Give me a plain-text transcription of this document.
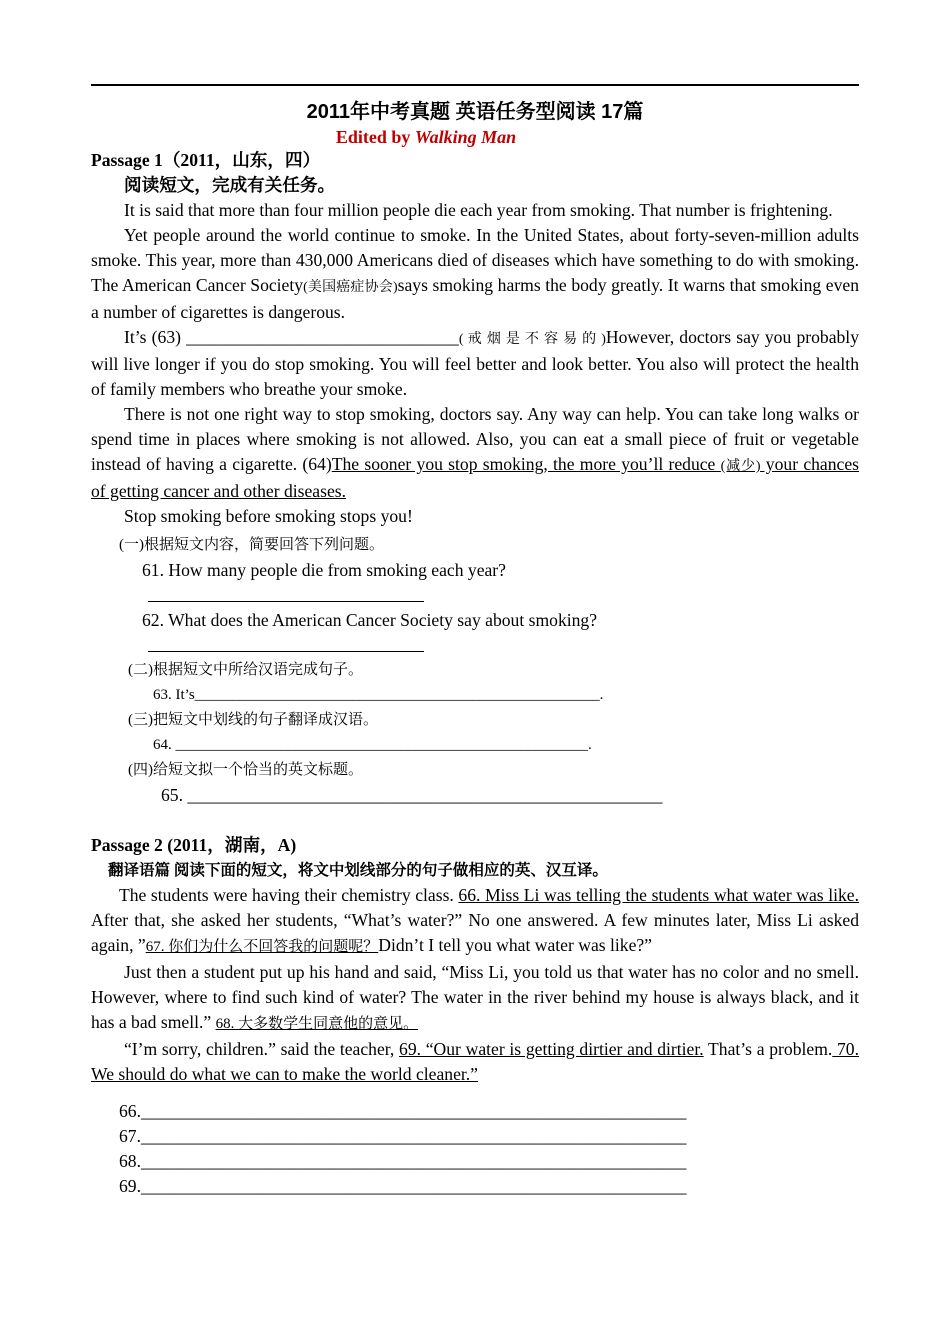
2011年中考真题 英语任务型阅读 17篇
Edited by Walking Man
Passage 1（2011，山东，四）
阅读短文，完成有关任务。

It is said that more than four million people die each year from smoking. That number is frightening.

Yet people around the world continue to smoke. In the United States, about forty-seven-million adults smoke. This year, more than 430,000 Americans died of diseases which have something to do with smoking. The American Cancer Society(美国癌症协会)says smoking harms the body greatly. It warns that smoking even a number of cigarettes is dangerous.

It’s (63) _______________________________( 戒 烟 是 不 容 易 的 )However, doctors say you probably will live longer if you do stop smoking. You will feel better and look better. You also will protect the health of family members who breathe your smoke.

There is not one right way to stop smoking, doctors say. Any way can help. You can take long walks or spend time in places where smoking is not allowed. Also, you can eat a small piece of fruit or vegetable instead of having a cigarette. (64)The sooner you stop smoking, the more you’ll reduce (减少) your chances of getting cancer and other diseases.

Stop smoking before smoking stops you!

(一)根据短文内容，简要回答下列问题。
61. How many people die from smoking each year?
62. What does the American Cancer Society say about smoking?
(二)根据短文中所给汉语完成句子。
63. It’s______________________________________________________.
(三)把短文中划线的句子翻译成汉语。
64. _______________________________________________________.
(四)给短文拟一个恰当的英文标题。
65. ______________________________________________________
Passage 2 (2011，湖南，A)
翻译语篇 阅读下面的短文，将文中划线部分的句子做相应的英、汉互译。

The students were having their chemistry class. 66. Miss Li was telling the students what water was like. After that, she asked her students, “What’s water?” No one answered. A few minutes later, Miss Li asked again, ”67. 你们为什么不回答我的问题呢？Didn’t I tell you what water was like?”

Just then a student put up his hand and said, “Miss Li, you told us that water has no color and no smell. However, where to find such kind of water? The water in the river behind my house is always black, and it has a bad smell.” 68. 大多数学生同意他的意见。

“I’m sorry, children.” said the teacher, 69. “Our water is getting dirtier and dirtier. That’s a problem. 70. We should do what we can to make the world cleaner.”

66.______________________________________________________________
67.______________________________________________________________
68.______________________________________________________________
69.______________________________________________________________
